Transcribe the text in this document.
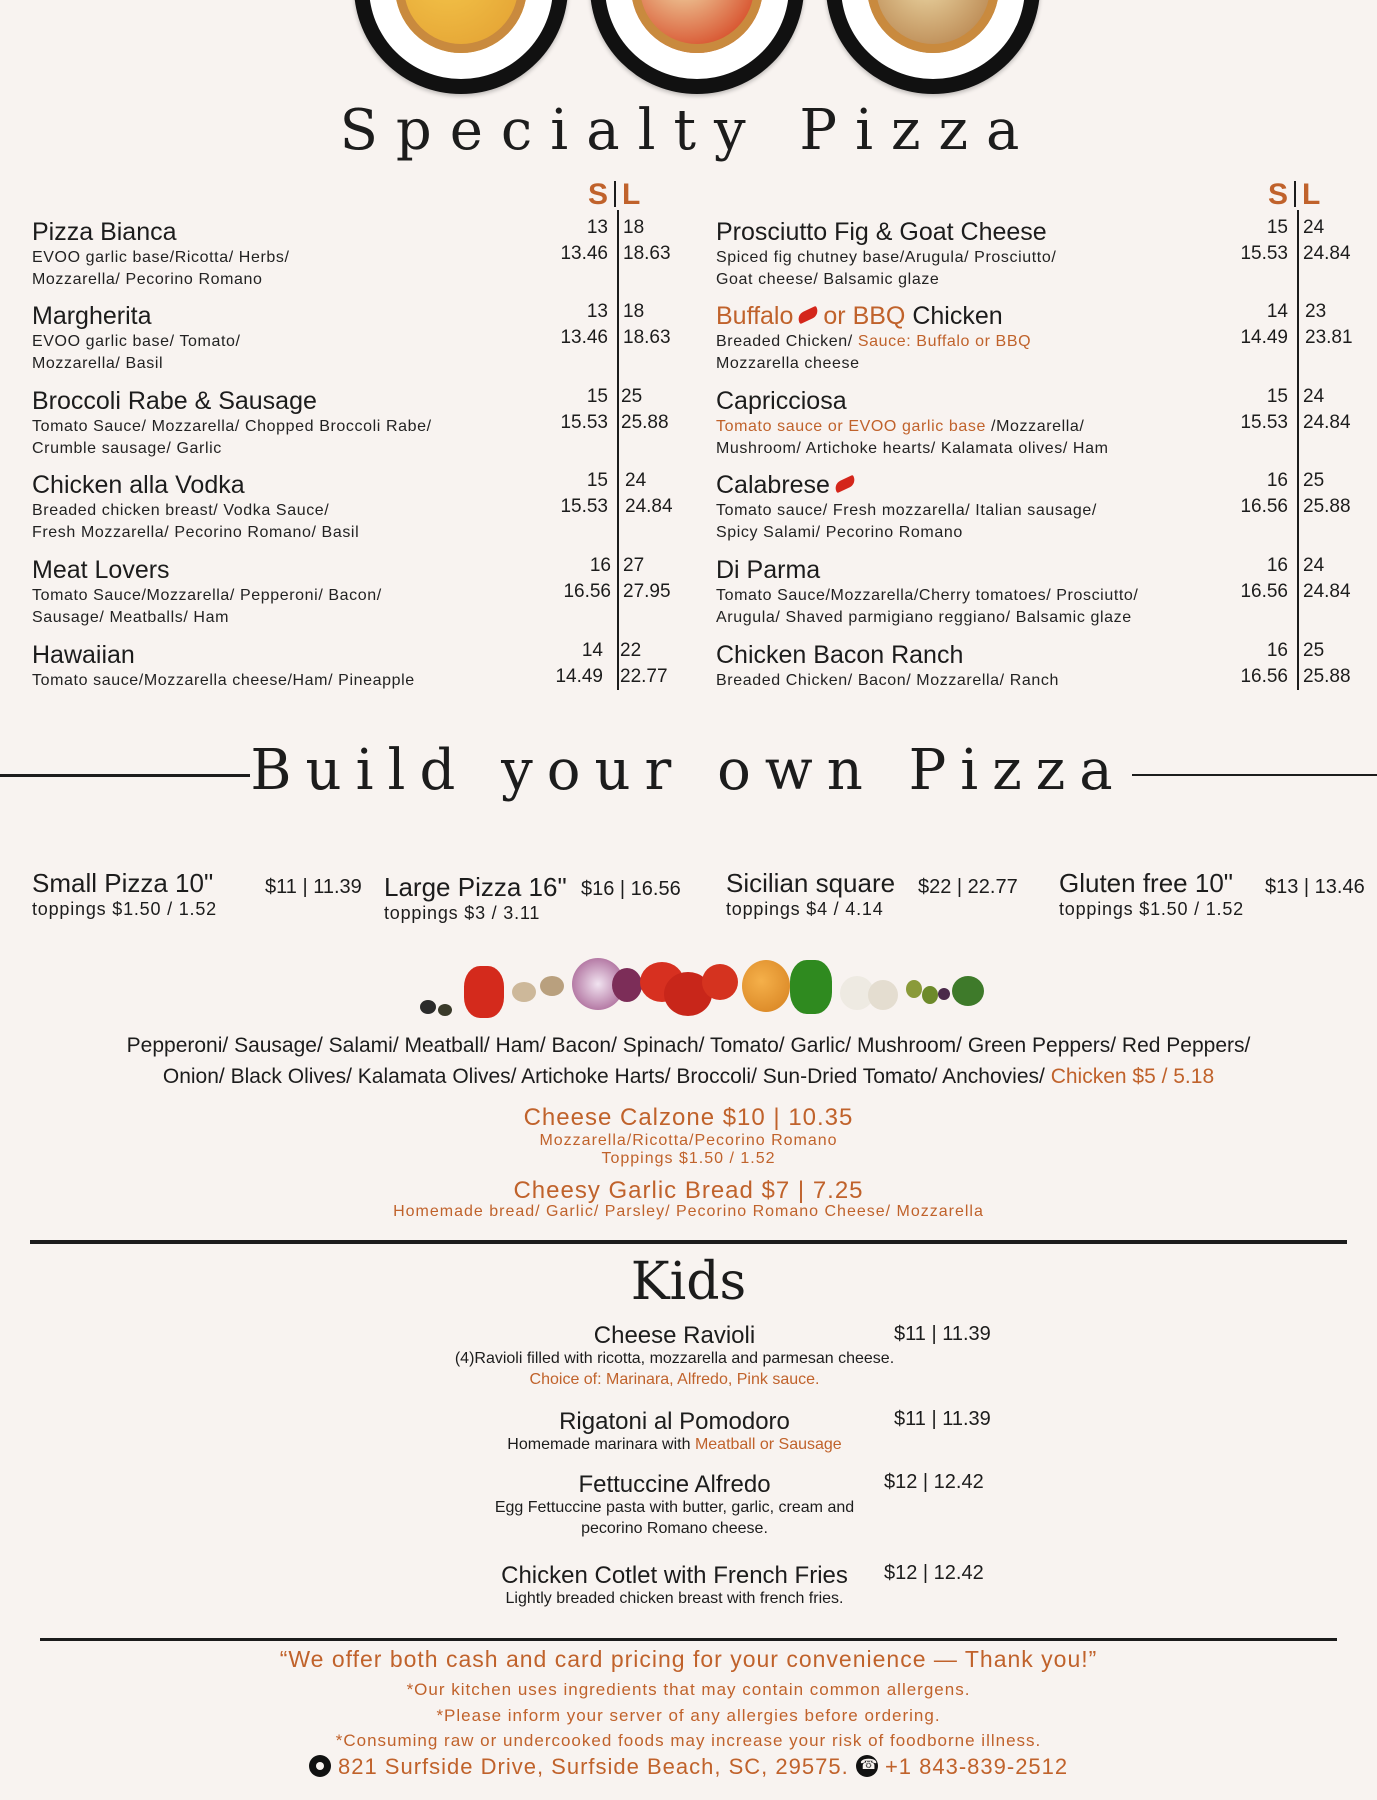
Specialty Pizza
S L	S L
Pizza Bianca
EVOO garlic base/Ricotta/ Herbs/
Mozzarella/ Pecorino Romano
Margherita
EVOO garlic base/ Tomato/
Mozzarella/ Basil
Broccoli Rabe & Sausage
Tomato Sauce/ Mozzarella/ Chopped Broccoli Rabe/
Crumble sausage/ Garlic
Chicken alla Vodka
Breaded chicken breast/ Vodka Sauce/
Fresh Mozzarella/ Pecorino Romano/ Basil
Meat Lovers
Tomato Sauce/Mozzarella/ Pepperoni/ Bacon/
Sausage/ Meatballs/ Ham
Hawaiian
Tomato sauce/Mozzarella cheese/Ham/ Pineapple
13
13.46
18
18.63
13
13.46
18
18.63
15
15.53
25
25.88
15
15.53
24
24.84
16
16.56
27
27.95
14
14.49
22
22.77
Prosciutto Fig & Goat Cheese
Spiced fig chutney base/Arugula/ Prosciutto/
Goat cheese/ Balsamic glaze
Buffalo or BBQ Chicken
Breaded Chicken/ Sauce: Buffalo or BBQ
Mozzarella cheese
Capricciosa
Tomato sauce or EVOO garlic base /Mozzarella/
Mushroom/ Artichoke hearts/ Kalamata olives/ Ham
Calabrese
Tomato sauce/ Fresh mozzarella/ Italian sausage/
Spicy Salami/ Pecorino Romano
Di Parma
Tomato Sauce/Mozzarella/Cherry tomatoes/ Prosciutto/
Arugula/ Shaved parmigiano reggiano/ Balsamic glaze
Chicken Bacon Ranch
Breaded Chicken/ Bacon/ Mozzarella/ Ranch
15
15.53
24
24.84
14
14.49
23
23.81
15
15.53
24
24.84
16
16.56
25
25.88
16
16.56
24
24.84
16
16.56
25
25.88
Build your own Pizza
Small Pizza 10"
toppings $1.50 / 1.52
$11 | 11.39 Large Pizza 16"
toppings $3 / 3.11
$16 | 16.56 Sicilian square
toppings $4 / 4.14
$22 | 22.77 Gluten free 10"
toppings $1.50 / 1.52
$13 | 13.46
Pepperoni/ Sausage/ Salami/ Meatball/ Ham/ Bacon/ Spinach/ Tomato/ Garlic/ Mushroom/ Green Peppers/ Red Peppers/
Onion/ Black Olives/ Kalamata Olives/ Artichoke Harts/ Broccoli/ Sun-Dried Tomato/ Anchovies/ Chicken $5 / 5.18
Cheese Calzone $10 | 10.35
Mozzarella/Ricotta/Pecorino Romano
Toppings $1.50 / 1.52
Cheesy Garlic Bread $7 | 7.25
Homemade bread/ Garlic/ Parsley/ Pecorino Romano Cheese/ Mozzarella
Kids
Cheese Ravioli
(4)Ravioli filled with ricotta, mozzarella and parmesan cheese.
Choice of: Marinara, Alfredo, Pink sauce.
$11 | 11.39
Rigatoni al Pomodoro
Homemade marinara with Meatball or Sausage
$11 | 11.39
Fettuccine Alfredo
Egg Fettuccine pasta with butter, garlic, cream and
pecorino Romano cheese.
$12 | 12.42
Chicken Cotlet with French Fries
Lightly breaded chicken breast with french fries.
$12 | 12.42
“We offer both cash and card pricing for your convenience — Thank you!”
*Our kitchen uses ingredients that may contain common allergens.
*Please inform your server of any allergies before ordering.
*Consuming raw or undercooked foods may increase your risk of foodborne illness.
821 Surfside Drive, Surfside Beach, SC, 29575. ☎ +1 843-839-2512
